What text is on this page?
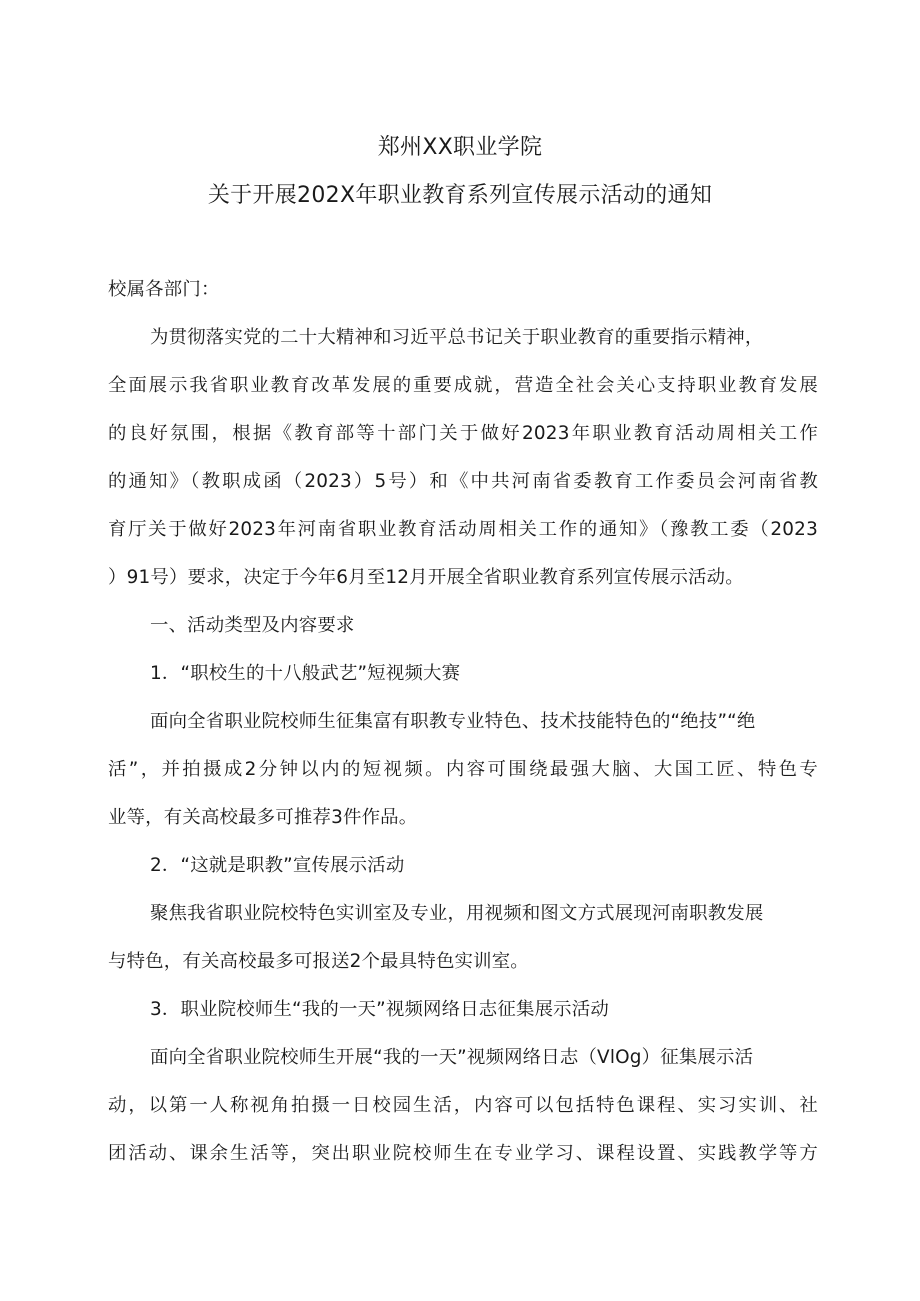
郑州XX职业学院
关于开展202X年职业教育系列宣传展示活动的通知
校属各部门：
为贯彻落实党的二十大精神和习近平总书记关于职业教育的重要指示精神，
全面展示我省职业教育改革发展的重要成就，营造全社会关心支持职业教育发展
的良好氛围，根据《教育部等十部门关于做好2023年职业教育活动周相关工作
的通知》（教职成函（2023）5号）和《中共河南省委教育工作委员会河南省教
育厅关于做好2023年河南省职业教育活动周相关工作的通知》（豫教工委（2023
）91号）要求，决定于今年6月至12月开展全省职业教育系列宣传展示活动。
一、活动类型及内容要求
1．“职校生的十八般武艺”短视频大赛
面向全省职业院校师生征集富有职教专业特色、技术技能特色的“绝技”“绝
活”，并拍摄成2分钟以内的短视频。内容可围绕最强大脑、大国工匠、特色专
业等，有关高校最多可推荐3件作品。
2．“这就是职教”宣传展示活动
聚焦我省职业院校特色实训室及专业，用视频和图文方式展现河南职教发展
与特色，有关高校最多可报送2个最具特色实训室。
3．职业院校师生“我的一天”视频网络日志征集展示活动
面向全省职业院校师生开展“我的一天”视频网络日志（VlOg）征集展示活
动，以第一人称视角拍摄一日校园生活，内容可以包括特色课程、实习实训、社
团活动、课余生活等，突出职业院校师生在专业学习、课程设置、实践教学等方
